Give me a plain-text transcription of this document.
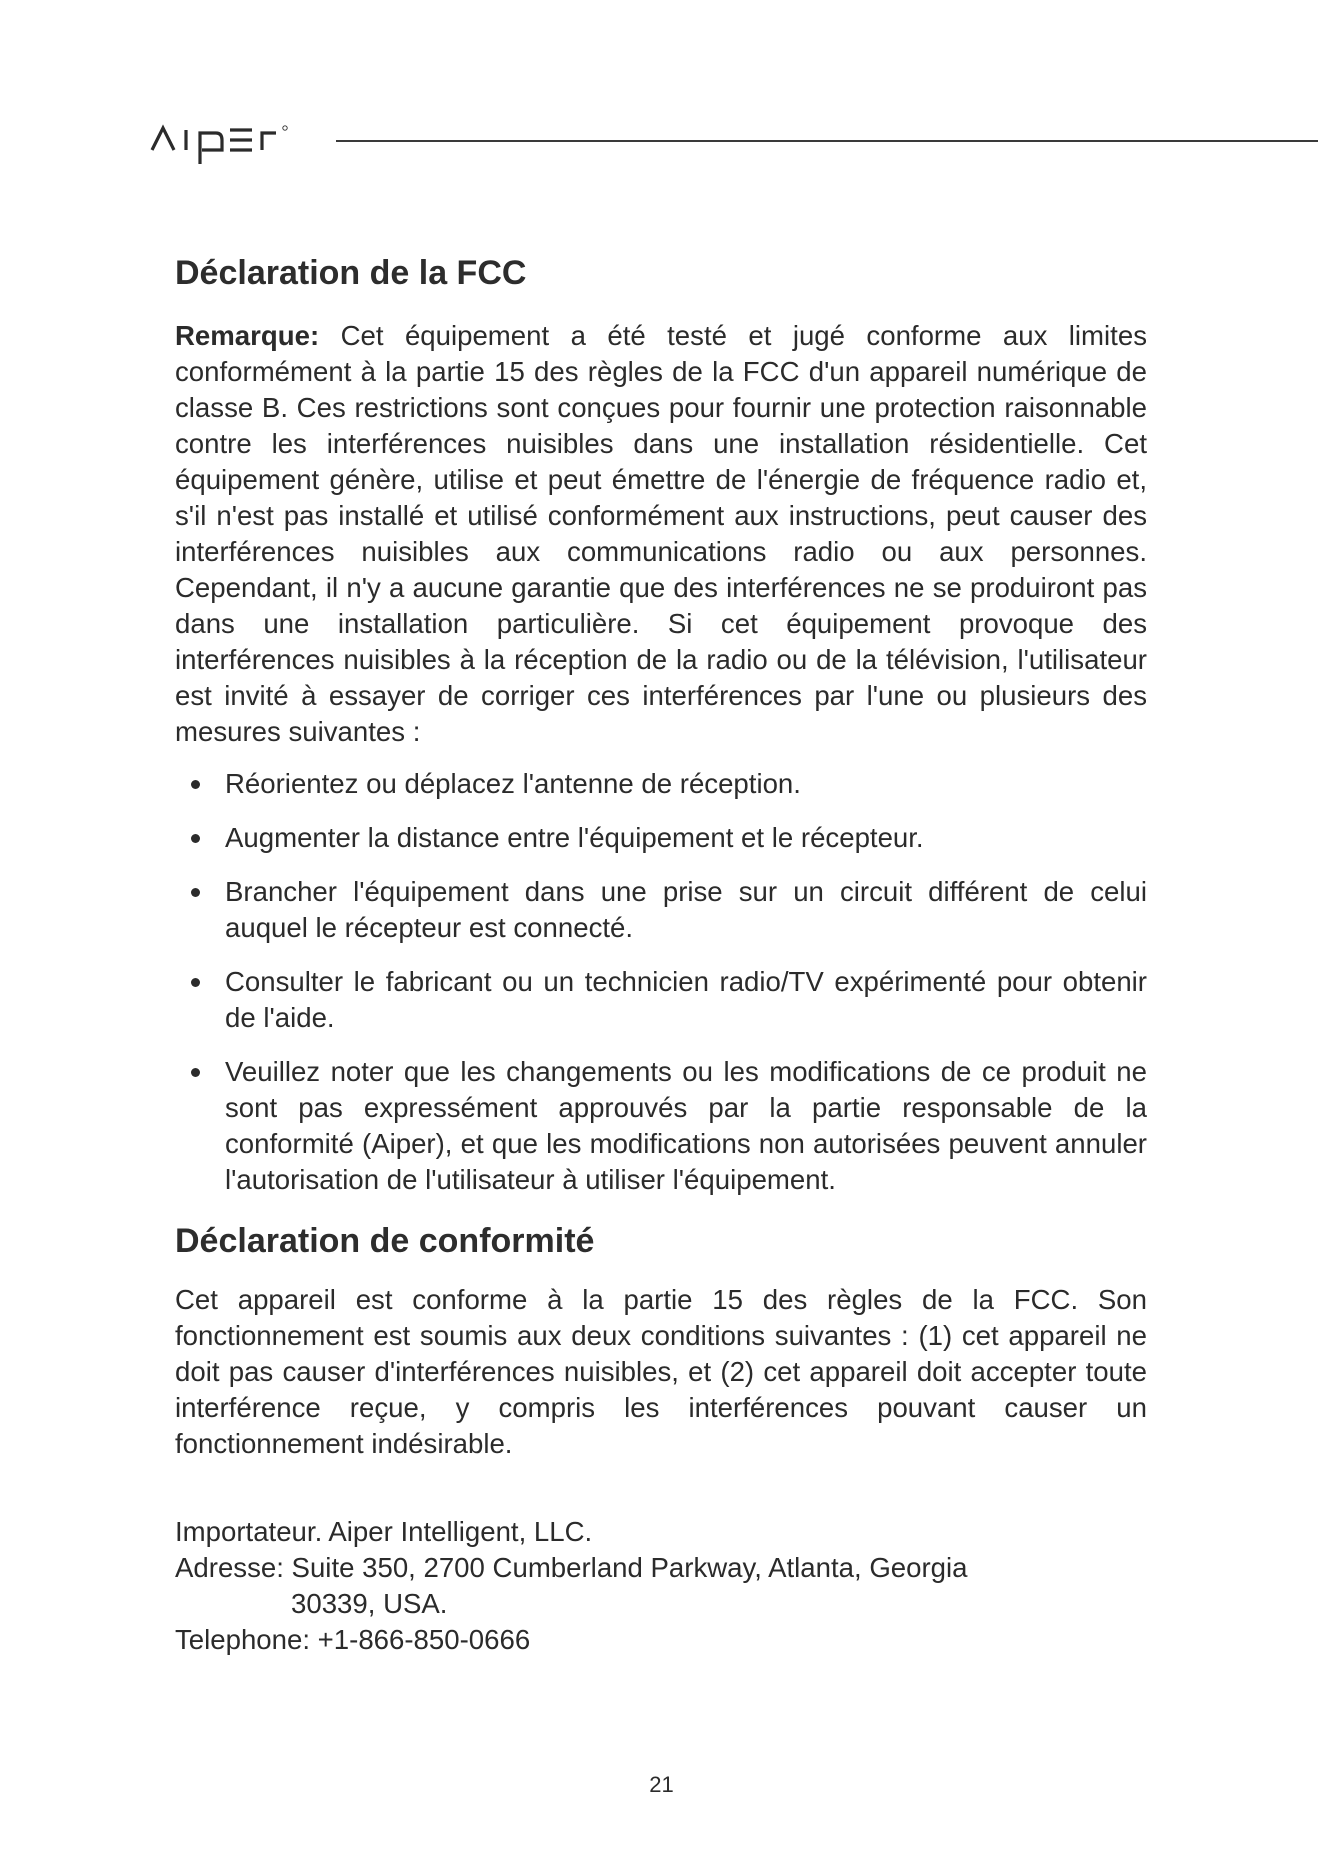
Déclaration de la FCC

Remarque: Cet équipement a été testé et jugé conforme aux limites conformément à la partie 15 des règles de la FCC d'un appareil numérique de classe B. Ces restrictions sont conçues pour fournir une protection raisonnable contre les interférences nuisibles dans une installation résidentielle. Cet équipement génère, utilise et peut émettre de l'énergie de fréquence radio et, s'il n'est pas installé et utilisé conformément aux instructions, peut causer des interférences nuisibles aux communications radio ou aux personnes. Cependant, il n'y a aucune garantie que des interférences ne se produiront pas dans une installation particulière. Si cet équipement provoque des interférences nuisibles à la réception de la radio ou de la télévision, l'utilisateur est invité à essayer de corriger ces interférences par l'une ou plusieurs des mesures suivantes :

Réorientez ou déplacez l'antenne de réception.
Augmenter la distance entre l'équipement et le récepteur.
Brancher l'équipement dans une prise sur un circuit différent de celui auquel le récepteur est connecté.
Consulter le fabricant ou un technicien radio/TV expérimenté pour obtenir de l'aide.
Veuillez noter que les changements ou les modifications de ce produit ne sont pas expressément approuvés par la partie responsable de la conformité (Aiper), et que les modifications non autorisées peuvent annuler l'autorisation de l'utilisateur à utiliser l'équipement.
Déclaration de conformité

Cet appareil est conforme à la partie 15 des règles de la FCC. Son fonctionnement est soumis aux deux conditions suivantes : (1) cet appareil ne doit pas causer d'interférences nuisibles, et (2) cet appareil doit accepter toute interférence reçue, y compris les interférences pouvant causer un fonctionnement indésirable.

Importateur. Aiper Intelligent, LLC.
Adresse: Suite 350, 2700 Cumberland Parkway, Atlanta, Georgia
30339, USA.
Telephone: +1-866-850-0666
21
